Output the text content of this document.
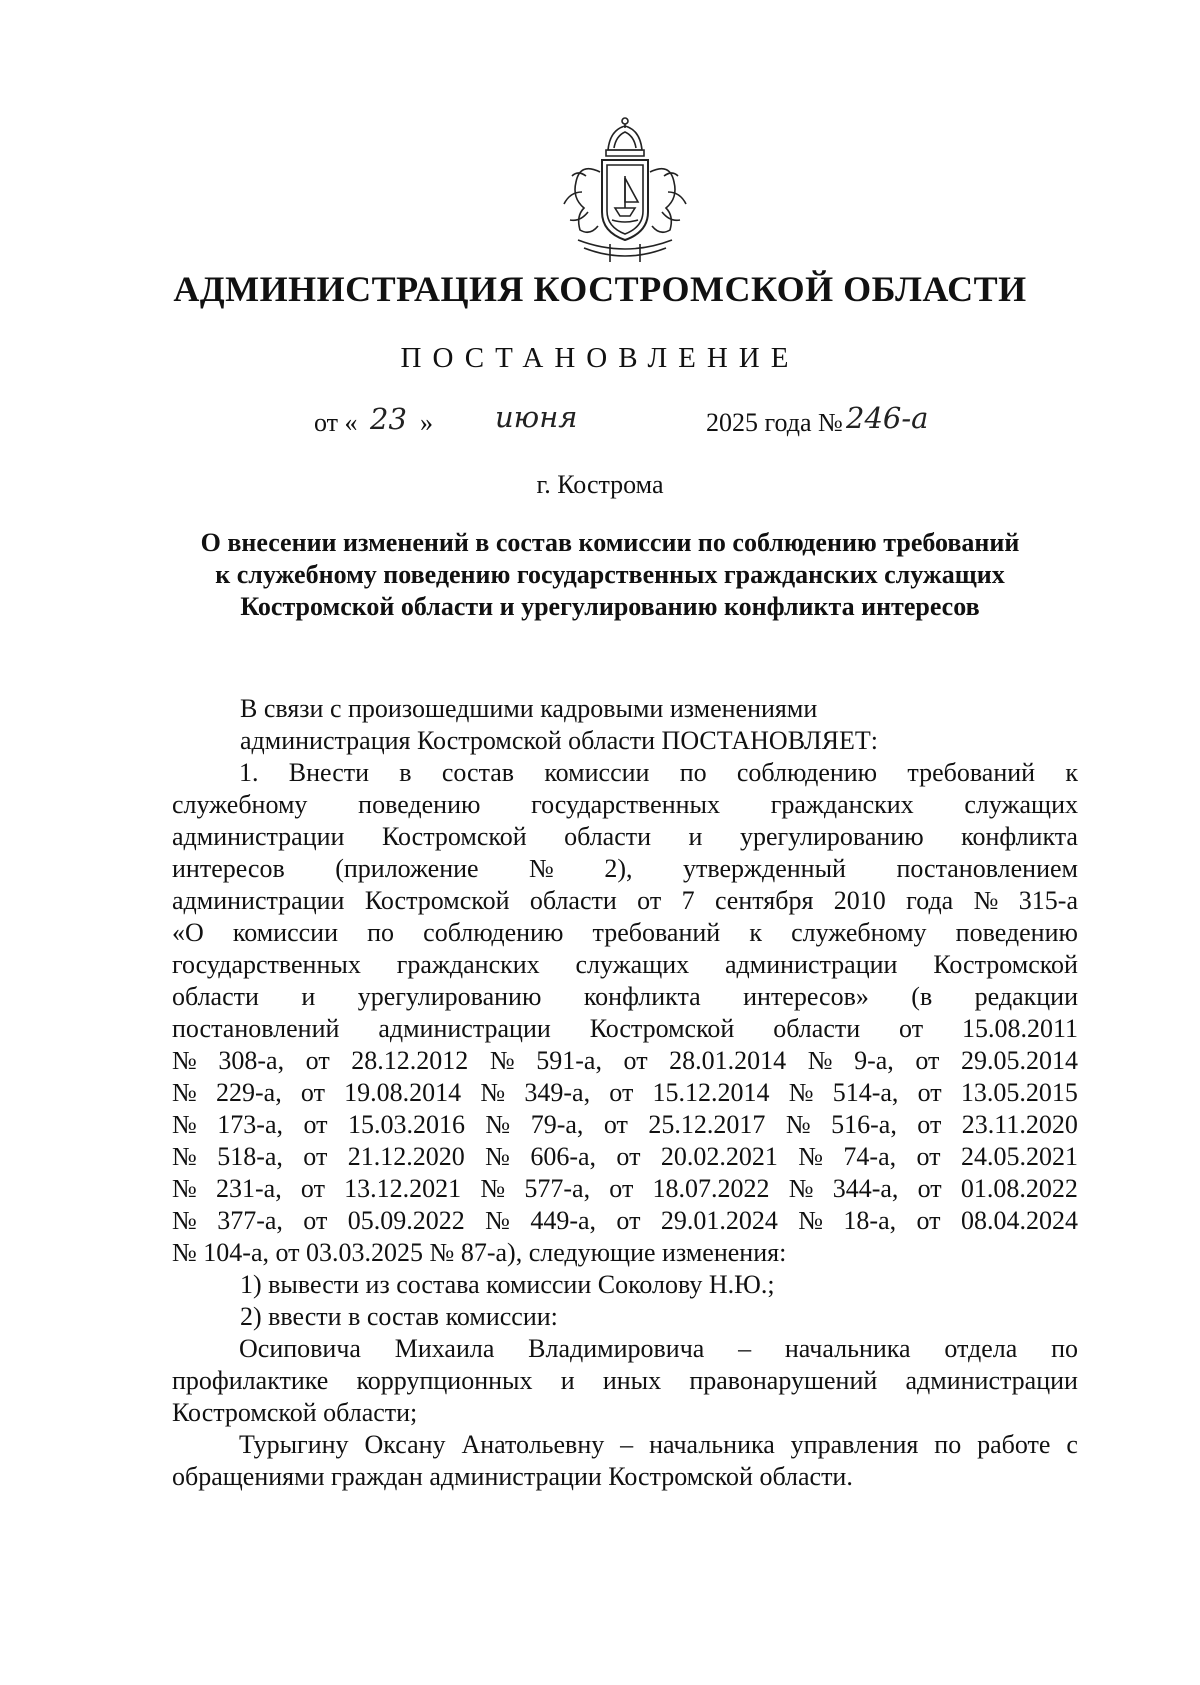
АДМИНИСТРАЦИЯ КОСТРОМСКОЙ ОБЛАСТИ
ПОСТАНОВЛЕНИЕ
от « 23 » июня	2025 года № 246-а
г. Кострома
О внесении изменений в состав комиссии по соблюдению требований
к служебному поведению государственных гражданских служащих
Костромской области и урегулированию конфликта интересов
В связи с произошедшими кадровыми изменениями
администрация Костромской области ПОСТАНОВЛЯЕТ:
1. Внести в состав комиссии по соблюдению требований к
служебному поведению государственных гражданских служащих
администрации Костромской области и урегулированию конфликта
интересов (приложение № 2), утвержденный постановлением
администрации Костромской области от 7 сентября 2010 года № 315-а
«О комиссии по соблюдению требований к служебному поведению
государственных гражданских служащих администрации Костромской
области и урегулированию конфликта интересов» (в редакции
постановлений администрации Костромской области от 15.08.2011
№ 308-а, от 28.12.2012 № 591-а, от 28.01.2014 № 9-а, от 29.05.2014
№ 229-а, от 19.08.2014 № 349-а, от 15.12.2014 № 514-а, от 13.05.2015
№ 173-а, от 15.03.2016 № 79-а, от 25.12.2017 № 516-а, от 23.11.2020
№ 518-а, от 21.12.2020 № 606-а, от 20.02.2021 № 74-а, от 24.05.2021
№ 231-а, от 13.12.2021 № 577-а, от 18.07.2022 № 344-а, от 01.08.2022
№ 377-а, от 05.09.2022 № 449-а, от 29.01.2024 № 18-а, от 08.04.2024
№ 104-а, от 03.03.2025 № 87-а), следующие изменения:
1) вывести из состава комиссии Соколову Н.Ю.;
2) ввести в состав комиссии:
Осиповича Михаила Владимировича – начальника отдела по
профилактике коррупционных и иных правонарушений администрации
Костромской области;
Турыгину Оксану Анатольевну – начальника управления по работе с
обращениями граждан администрации Костромской области.
